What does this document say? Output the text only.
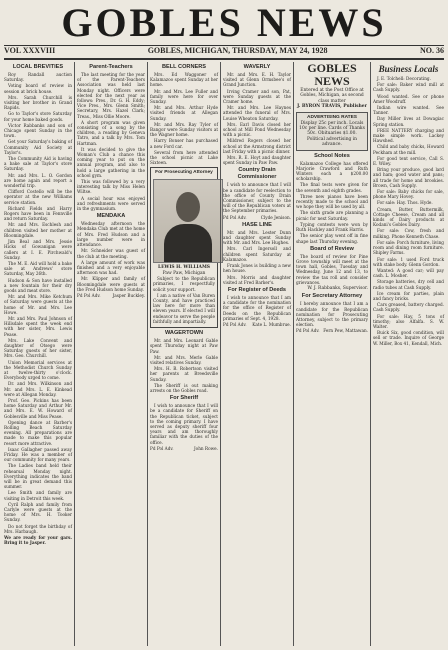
GOBLES NEWS
VOL XXXVIII	GOBLES, MICHIGAN, THURSDAY, MAY 24, 1928	NO. 36
LOCAL BREVITIES
Roy Randall auction Saturday.
Voting board of review in session at brick house.
Mrs. Sarah Churchill is visiting her brother in Grand Rapids.
Go to Taylor's store Saturday for your home baked goods.
Victor Rabbanks and son of Chicago spent Sunday in the town.
Get your Saturday's baking of Community Aid Society at Taylor's.
The Community Aid is having a bake sale at Taylor's store Saturday.
Mr. and Mrs. L. O. Gordon are home again and report a wonderful trip.
Clifford Costello will be the operator at the new Williams service station.
Richard Fields and Harry Rogers have been in Fennville and return Saturday.
Mr. and Mrs. Eschlesh and children visited her mother at Bloomingdale.
Jim Beal and Mrs. Jessie Hicks of Gowanigan were callers at I. E. Pirchwald's Sunday.
The M. E. Aid will hold a bake sale at Andrews' store Saturday, May 26th.
Hudson & Son have installed a new fountain for their dry goods and meat store.
Mr. and Mrs. Mike Ketchum of Saturday were guests at the home of Mr. and Mrs. Lee Howe.
Mr. and Mrs. Paul Johnson of Hillsdale spent the week end with her sister, Mrs. Lewis Pease.
Mrs. Lake Convent and daughter of Otsego were Saturday guests of her sister, Mrs. Geo. Churchill.
Union Memorial services at the Methodist Church Sunday at twelve-thirty o'clock. Everybody urged to come.
Dr. and Mrs. Wilkinson and Mr. and Mrs. L. E. Kinkead were at Allegan Monday.
Prof. Geo. Pickins has been home Saturday and Arthur Mr. and Mrs. E. W. Howard of Goblesville and Miss Pease.
Opening dance at Barber's Rolling Beach Saturday evening. All preparations are made to make this popular resort more attractive.
Isaac Gallagher passed away Friday. He was a member of our community for many years.
The Ladies band held their rehearsal Monday night. Everything indicates the band will be in great demand this summer.
Lee Smith and family are visiting in Detroit this week.
Cyril Ralph and family from Carlyle were guests at the home of Mrs. H. Tooker Sunday.
Do not forget the birthday of Mrs. Harbaugh.
We are ready for your gars. Bring it to Jasper.
Parent-Teachers
The last meeting for the year of the Parent-Teachers Association was held last Monday night. Officers were elected for the next year as follows: Pres., Dr. G. H. Eddy; Vice Pres., Mrs. Glenn Smith; Secretary, Mrs. Hazel Clark; Treas., Miss Ollie Moore.
A short program was given consisting of a song by the children, a reading by Geneva Tatro, and a talk by Mrs. Tom Hartman.
It was decided to give the Woman's Club a chance this coming year to put on the annual program, and also to hold a large gathering in the school gym.
This was followed by a very interesting talk by Miss Helen Wiltse.
A social hour was enjoyed and refreshments were served in the gymnasium.
MENDAKA
Wednesday afternoon the Mendaka Club met at the home of Mrs. Fred Hudson and a large number were in attendance.
Mr. Schneider was guest of the club at the meeting.
A large amount of work was finished and a very enjoyable afternoon was had.
Mr. Klipper and family of Bloomingdale were guests at the Fred Hudson home Sunday.
Pd Pol Adv.	Jasper Buckley.
BELL CORNERS
Mrs. Ed Waggoner of Kalamazoo spent Sunday at her home.
Mr. and Mrs. Lee Fuller and family were here for over Sunday.
Mr. and Mrs. Arthur Hyde visited friends at Allegan Sunday.
Mr. and Mrs. Ray Tyler of Bangor were Sunday visitors at the Wagner home.
Harry Bonser has purchased a new Ford car.
Several from here attended the school picnic at Lake Sixteen.
For Prosecuting Attorney
LEWIS H. WILLIAMS
Paw Paw, Michigan
Subject to the Republican primaries, I respectfully solicit your support.
I am a native of Van Buren County, and have practiced law here for more than eleven years. If elected I will endeavor to serve the people faithfully and impartially.
WAGERTOWN
Mr. and Mrs. Leonard Gable spent Thursday night at Paw Paw.
Mr. and Mrs. Merle Gable visited relatives Sunday.
Mrs. H. B. Robertson visited her parents at Breedsville Sunday.
The Sheriff is out making arrests on the Gobles road.
For Sheriff
I wish to announce that I will be a candidate for Sheriff on the Republican ticket, subject to the coming primary. I have served as deputy sheriff four years and am thoroughly familiar with the duties of the office.
Pd Pol Adv.	John Rowe.
WAVERLY
Mr. and Mrs. E. H. Taylor visited at Glenn Ormsbee's of Grand Junction.
Irving Cramer and son, Pat, were Sunday guests at the Cramer home.
Mr. and Mrs. Lee Haynes attended the funeral of Mrs. Louise Wheaton Saturday.
Mrs. Earl Davis closed her school at Mill Pond Wednesday with a picnic.
Mildred Rogers closed her school at the Armstrong district last Friday with a picnic dinner.
Mrs. R. E. Hoyt and daughter spent Sunday in Paw Paw.
Country Drain Commissioner
I wish to announce that I will be a candidate for reelection to the office of County Drain Commissioner, subject to the will of the Republican voters at the September primaries.
Pd Pol Adv.	Clyde Jenison.
HASE LINE
Mr. and Mrs. Lester Dunn and daughter spent Sunday with Mr. and Mrs. Lee Hughes.
Mrs. Carl Ingersoll and children spent Saturday at Kalamazoo.
Frank Jones is building a new hen house.
Mrs. Morris and daughter visited at Fred Barker's.
For Register of Deeds
I wish to announce that I am a candidate for the nomination for the office of Register of Deeds on the Republican primaries of Sept. 4, 1928.
Pd Pol Adv. Kate L. Mumbrue.
GOBLES NEWS
Entered at the Post Office at Gobles, Michigan, as second class matter
J. BYRON TRAVIS, Publisher
ADVERTISING RATES
Display 25c per inch. Locals 10c per line. Cards of Thanks 50c. Obituaries $1.00. Political advertising in advance.
School Notes
Kalamazoo College has offered Marjorie Crawford and Ruth Winters each a $200.00 scholarship.
The final tests were given for the seventh and eighth grades.
Three new pianos have been recently made to the school and we hope they will be used by all.
The sixth grade are planning a picnic for next Saturday.
Typing contests were won by Ruth Hackley and Frank Harris.
The senior play went off in fine shape last Thursday evening.
Board of Review
The board of review for Pine Grove township will meet at the town hall, Gobles, Tuesday and Wednesday, June 12 and 13, to review the tax roll and consider grievances.
W. J. Rabbanks, Supervisor.
For Secretary Attorney
I hereby announce that I am a candidate for the Republican nomination for Prosecuting Attorney, subject to the primary election.
Pd Pol Adv. Fern Pew, Mattawan.
Business Locals
J. E. Tolchell: Decorating.
For sale: Baker wind mill at Cash Supply.
Wood wanted. See or phone Amer Woodruff.
Indian wire wanted. See Tanner.
Day Miller lives at Dowagiac Spring station.
FREE NATTERY charging and make simple work. Lackey Hawshed.
Child and baby chicks, Howard Peckham at the mill.
For good tent service, Call S. E. Wiley.
Bring your produce, good lard and ham; good water and pans; all trade for home and brookies. Brown, Cash Supply.
For sale: Baby chicks for sale, phone Mary Hovey.
For sale: Hay. Thos. Hyde.
Cream, Butter, Buttermilk, Cottage Cheese, Cream and all kinds of Dairy products at Kodani's Gobles Dairy.
For sale: Cow, fresh and milking. Phone Kenneth Chase.
For sale: Porch furniture, living room and dining room furniture. Shipley Farms.
For sale: 1 used Ford truck with stake body. Glenn Gordon.
Wanted: A good car; will pay cash. L. Mosher.
Storage batteries, dry cell and radio tubes at Cash Supply.
Ice cream for parties, plain and fancy bricks.
Cars greased, battery charged. Cash Supply.
For sale: Hay, 5 tons of timothy; also Alfalfa. S. W. Walter.
Buick Six, good condition, will sell or trade. Inquire of George W. Miller, Box 41, Kendall, Mich.
